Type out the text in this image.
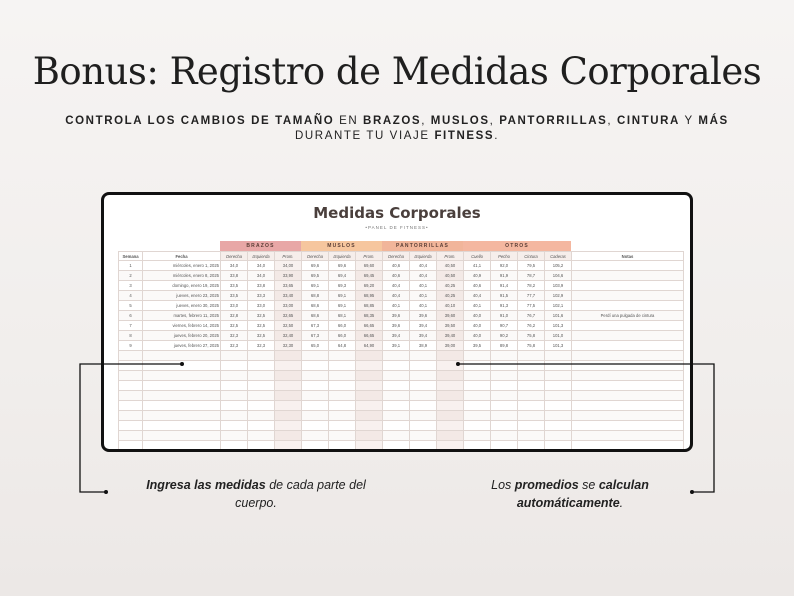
Bonus: Registro de Medidas Corporales
CONTROLA LOS CAMBIOS DE TAMAÑO EN BRAZOS, MUSLOS, PANTORRILLAS, CINTURA Y MÁS DURANTE TU VIAJE FITNESS.
Medidas Corporales
•PANEL DE FITNESS•
BRAZOS	MUSLOS	PANTORRILLAS	OTROS
Semana	Fecha	Derecha	Izquierda	Prom.	Derecha	Izquierda	Prom.	Derecha	Izquierda	Prom.	Cuello	Pecho	Cintura	Caderas	Notas
1	miércoles, enero 1, 2025	34,0	34,0	34,00	69,6	69,6	69,60	40,6	40,4	40,50	41,1	92,0	79,5	105,2	
2	miércoles, enero 8, 2025	33,8	34,0	33,90	69,5	69,4	69,45	40,6	40,4	40,50	40,9	91,9	78,7	104,6	
3	domingo, enero 19, 2025	33,5	33,8	33,65	69,1	69,3	69,20	40,4	40,1	40,25	40,6	91,4	78,2	103,9	
4	jueves, enero 23, 2025	33,5	33,3	33,40	68,8	69,1	68,95	40,4	40,1	40,25	40,4	91,5	77,7	102,9	
5	jueves, enero 30, 2025	33,0	33,0	33,00	68,6	69,1	68,85	40,1	40,1	40,10	40,1	91,3	77,5	102,1	
6	martes, febrero 11, 2025	32,8	32,5	32,65	68,6	68,1	68,35	39,6	39,6	39,60	40,0	91,0	76,7	101,6	Perdí una pulgada de cintura
7	viernes, febrero 14, 2025	32,5	32,5	32,50	67,3	66,0	66,65	39,6	39,4	39,50	40,0	90,7	76,2	101,3	
8	jueves, febrero 20, 2025	32,3	32,5	32,40	67,3	66,0	66,65	39,4	39,4	39,40	40,0	90,2	75,8	101,0	
9	jueves, febrero 27, 2025	32,3	32,3	32,30	65,0	64,8	64,90	39,1	38,9	39,00	39,5	89,8	75,8	101,3	

Ingresa las medidas de cada parte del cuerpo.
Los promedios se calculan automáticamente.
